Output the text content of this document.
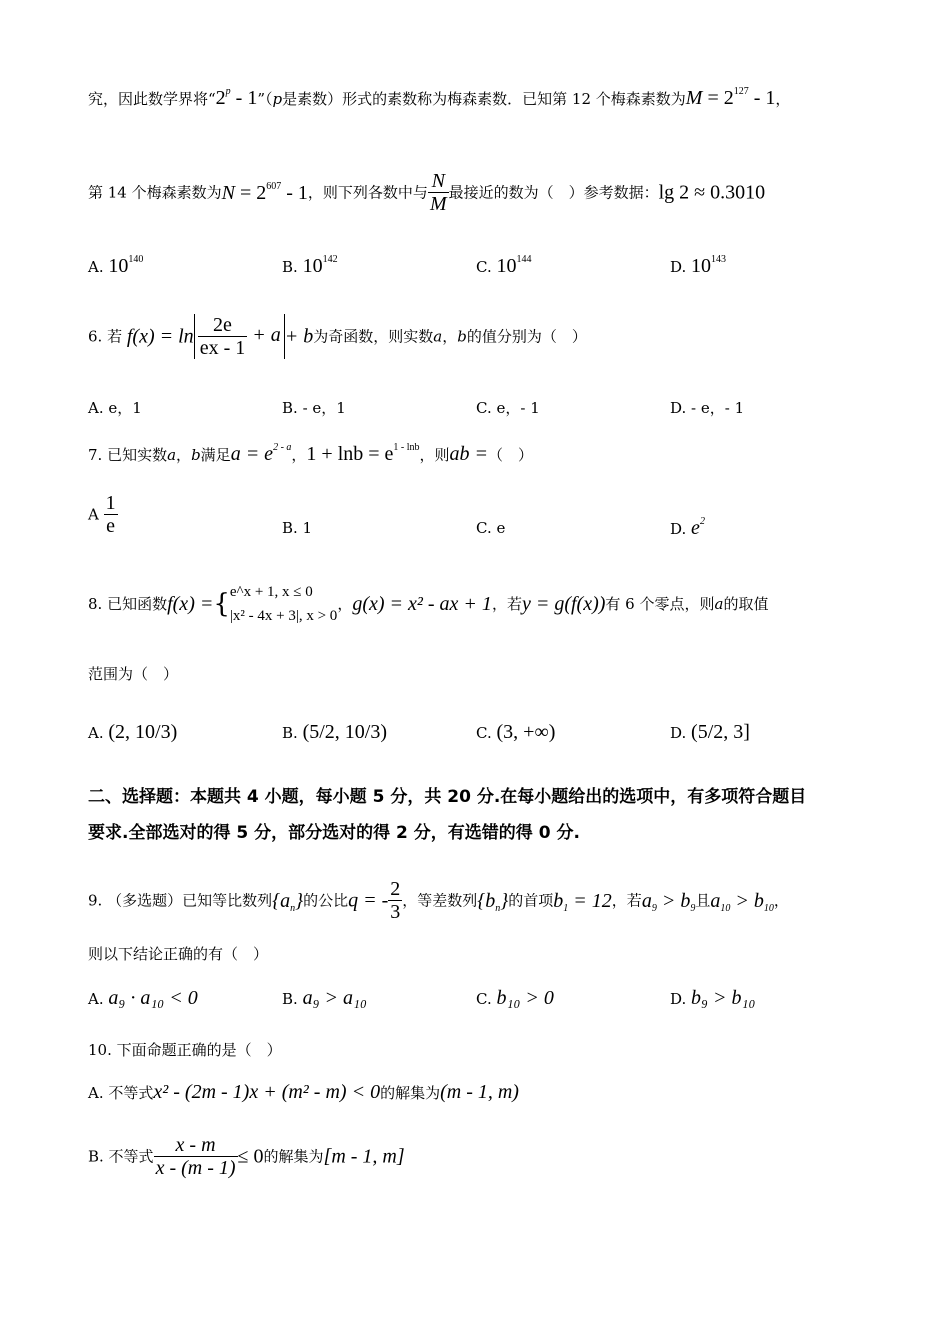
究，因此数学界将“2$^p$ - 1”（p是素数）形式的素数称为梅森素数．已知第 12 个梅森素数为$M = 2^{127} - 1$，
第 14 个梅森素数为$N = 2^{607} - 1$，则下列各数中与 $\frac{N}{M}$ 最接近的数为（　）参考数据：lg 2 ≈ 0.3010
A. $10^{140}$	B. $10^{142}$	C. $10^{144}$	D. $10^{143}$
6. 若 $f(x) = \ln \frac{2e}{ex - 1} + a + b$为奇函数，则实数a，b的值分别为（　）
A. e，1	B. - e，1	C. e，- 1	D. - e，- 1
7. 已知实数a，b满足$a = e^{2 - a}$，$1 + \ln b = e^{1 - lnb}$，则ab =（　）
A $\frac{1}{e}$	B. 1	C. e	D. $e^2$
8. 已知函数f(x) ={ e^x + 1, x ≤ 0
|x² - 4x + 3|, x > 0
，g(x) = x² - ax + 1，若y = g(f(x))有 6 个零点，则a的取值
范围为（　）
A. (2, 10/3)	B. (5/2, 10/3)	C. (3, +∞)	D. (5/2, 3]
二、选择题：本题共 4 小题，每小题 5 分，共 20 分.在每小题给出的选项中，有多项符合题目
要求.全部选对的得 5 分，部分选对的得 2 分，有选错的得 0 分.
9. （多选题）已知等比数列$\{a_n\}$的公比q = - $\frac{2}{3}$ ，等差数列$\{b_n\}$的首项$b_1 = 12$，若$a_9 > b_9$且$a_{10} > b_{10}$，
则以下结论正确的有（　）
A. a₉ · a₁₀ < 0	B. a₉ > a₁₀	C. b₁₀ > 0	D. b₉ > b₁₀
10. 下面命题正确的是（　）
A. 不等式x² - (2m - 1)x + (m² - m) < 0的解集为(m - 1, m)
B. 不等式 $\frac{x - m}{x - (m - 1)} \le 0$的解集为[m - 1, m]
